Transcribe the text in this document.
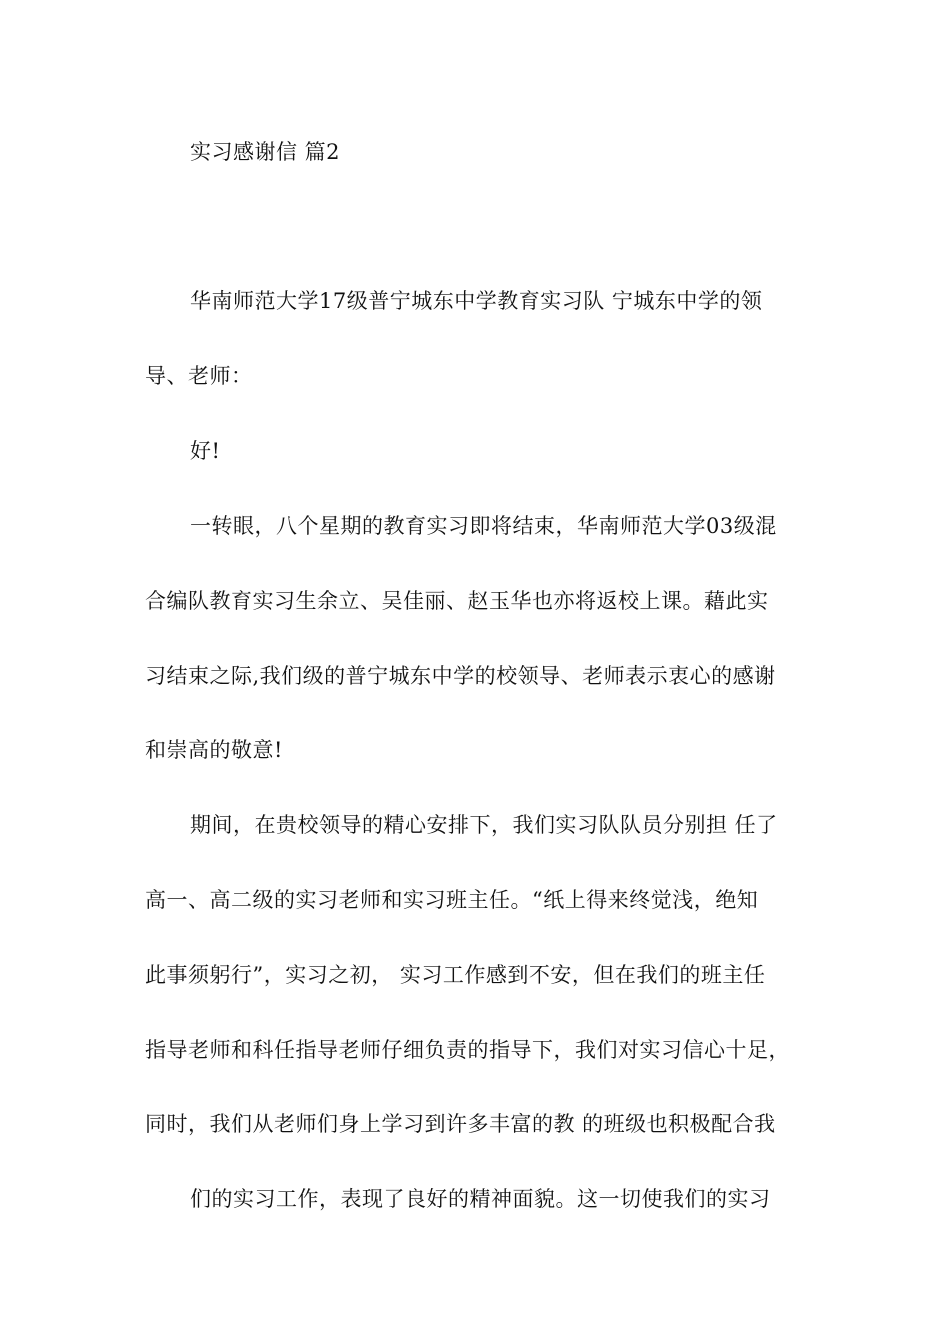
实习感谢信 篇2
华南师范大学17级普宁城东中学教育实习队 宁城东中学的领
导、老师：
好!
一转眼，八个星期的教育实习即将结束，华南师范大学03级混
合编队教育实习生余立、吴佳丽、赵玉华也亦将返校上课。藉此实
习结束之际,我们级的普宁城东中学的校领导、老师表示衷心的感谢
和崇高的敬意!
期间，在贵校领导的精心安排下，我们实习队队员分别担 任了
高一、高二级的实习老师和实习班主任。“纸上得来终觉浅，绝知
此事须躬行”，实习之初， 实习工作感到不安，但在我们的班主任
指导老师和科任指导老师仔细负责的指导下，我们对实习信心十足，
同时，我们从老师们身上学习到许多丰富的教 的班级也积极配合我
们的实习工作，表现了良好的精神面貌。这一切使我们的实习
